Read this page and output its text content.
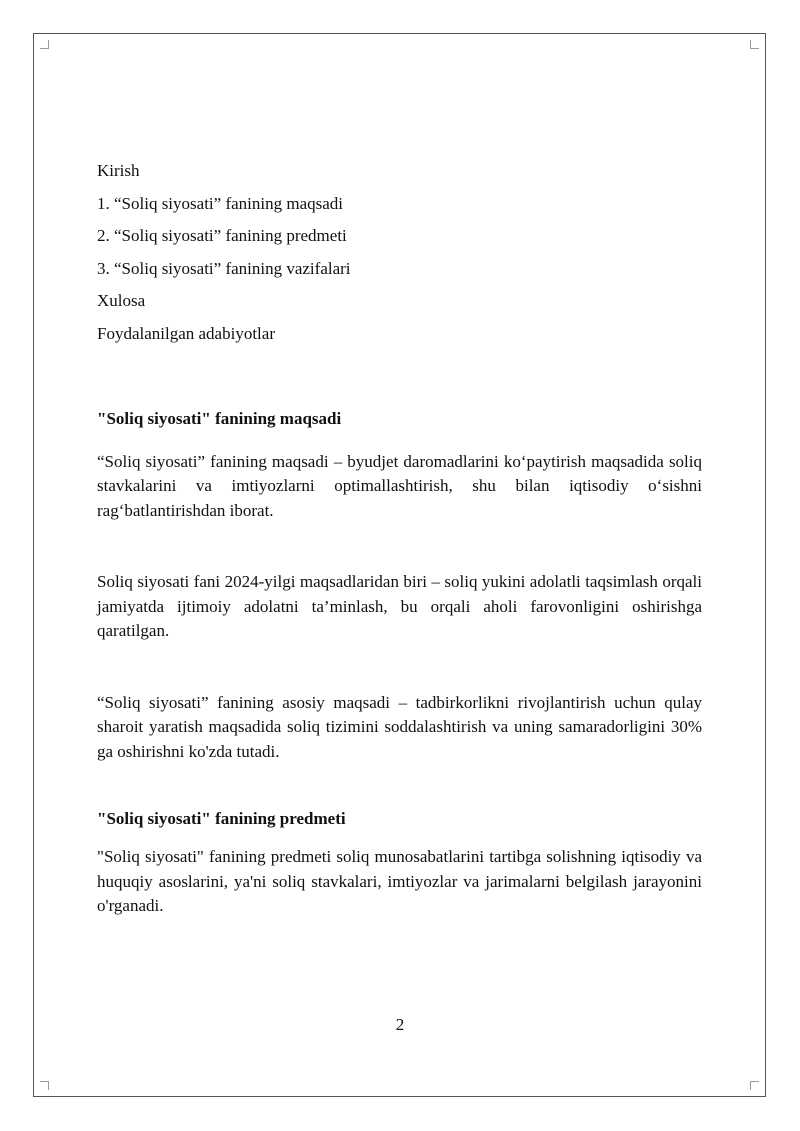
Kirish
1. “Soliq siyosati” fanining maqsadi
2. “Soliq siyosati” fanining predmeti
3. “Soliq siyosati” fanining vazifalari
Xulosa
Foydalanilgan adabiyotlar

"Soliq siyosati" fanining maqsadi

“Soliq siyosati” fanining maqsadi – byudjet daromadlarini ko‘paytirish maqsadida soliq stavkalarini va imtiyozlarni optimallashtirish, shu bilan iqtisodiy o‘sishni rag‘batlantirishdan iborat.

Soliq siyosati fani 2024-yilgi maqsadlaridan biri – soliq yukini adolatli taqsimlash orqali jamiyatda ijtimoiy adolatni ta’minlash, bu orqali aholi farovonligini oshirishga qaratilgan.

“Soliq siyosati” fanining asosiy maqsadi – tadbirkorlikni rivojlantirish uchun qulay sharoit yaratish maqsadida soliq tizimini soddalashtirish va uning samaradorligini 30% ga oshirishni ko'zda tutadi.

"Soliq siyosati" fanining predmeti

"Soliq siyosati" fanining predmeti soliq munosabatlarini tartibga solishning iqtisodiy va huquqiy asoslarini, ya'ni soliq stavkalari, imtiyozlar va jarimalarni belgilash jarayonini o'rganadi.

2
